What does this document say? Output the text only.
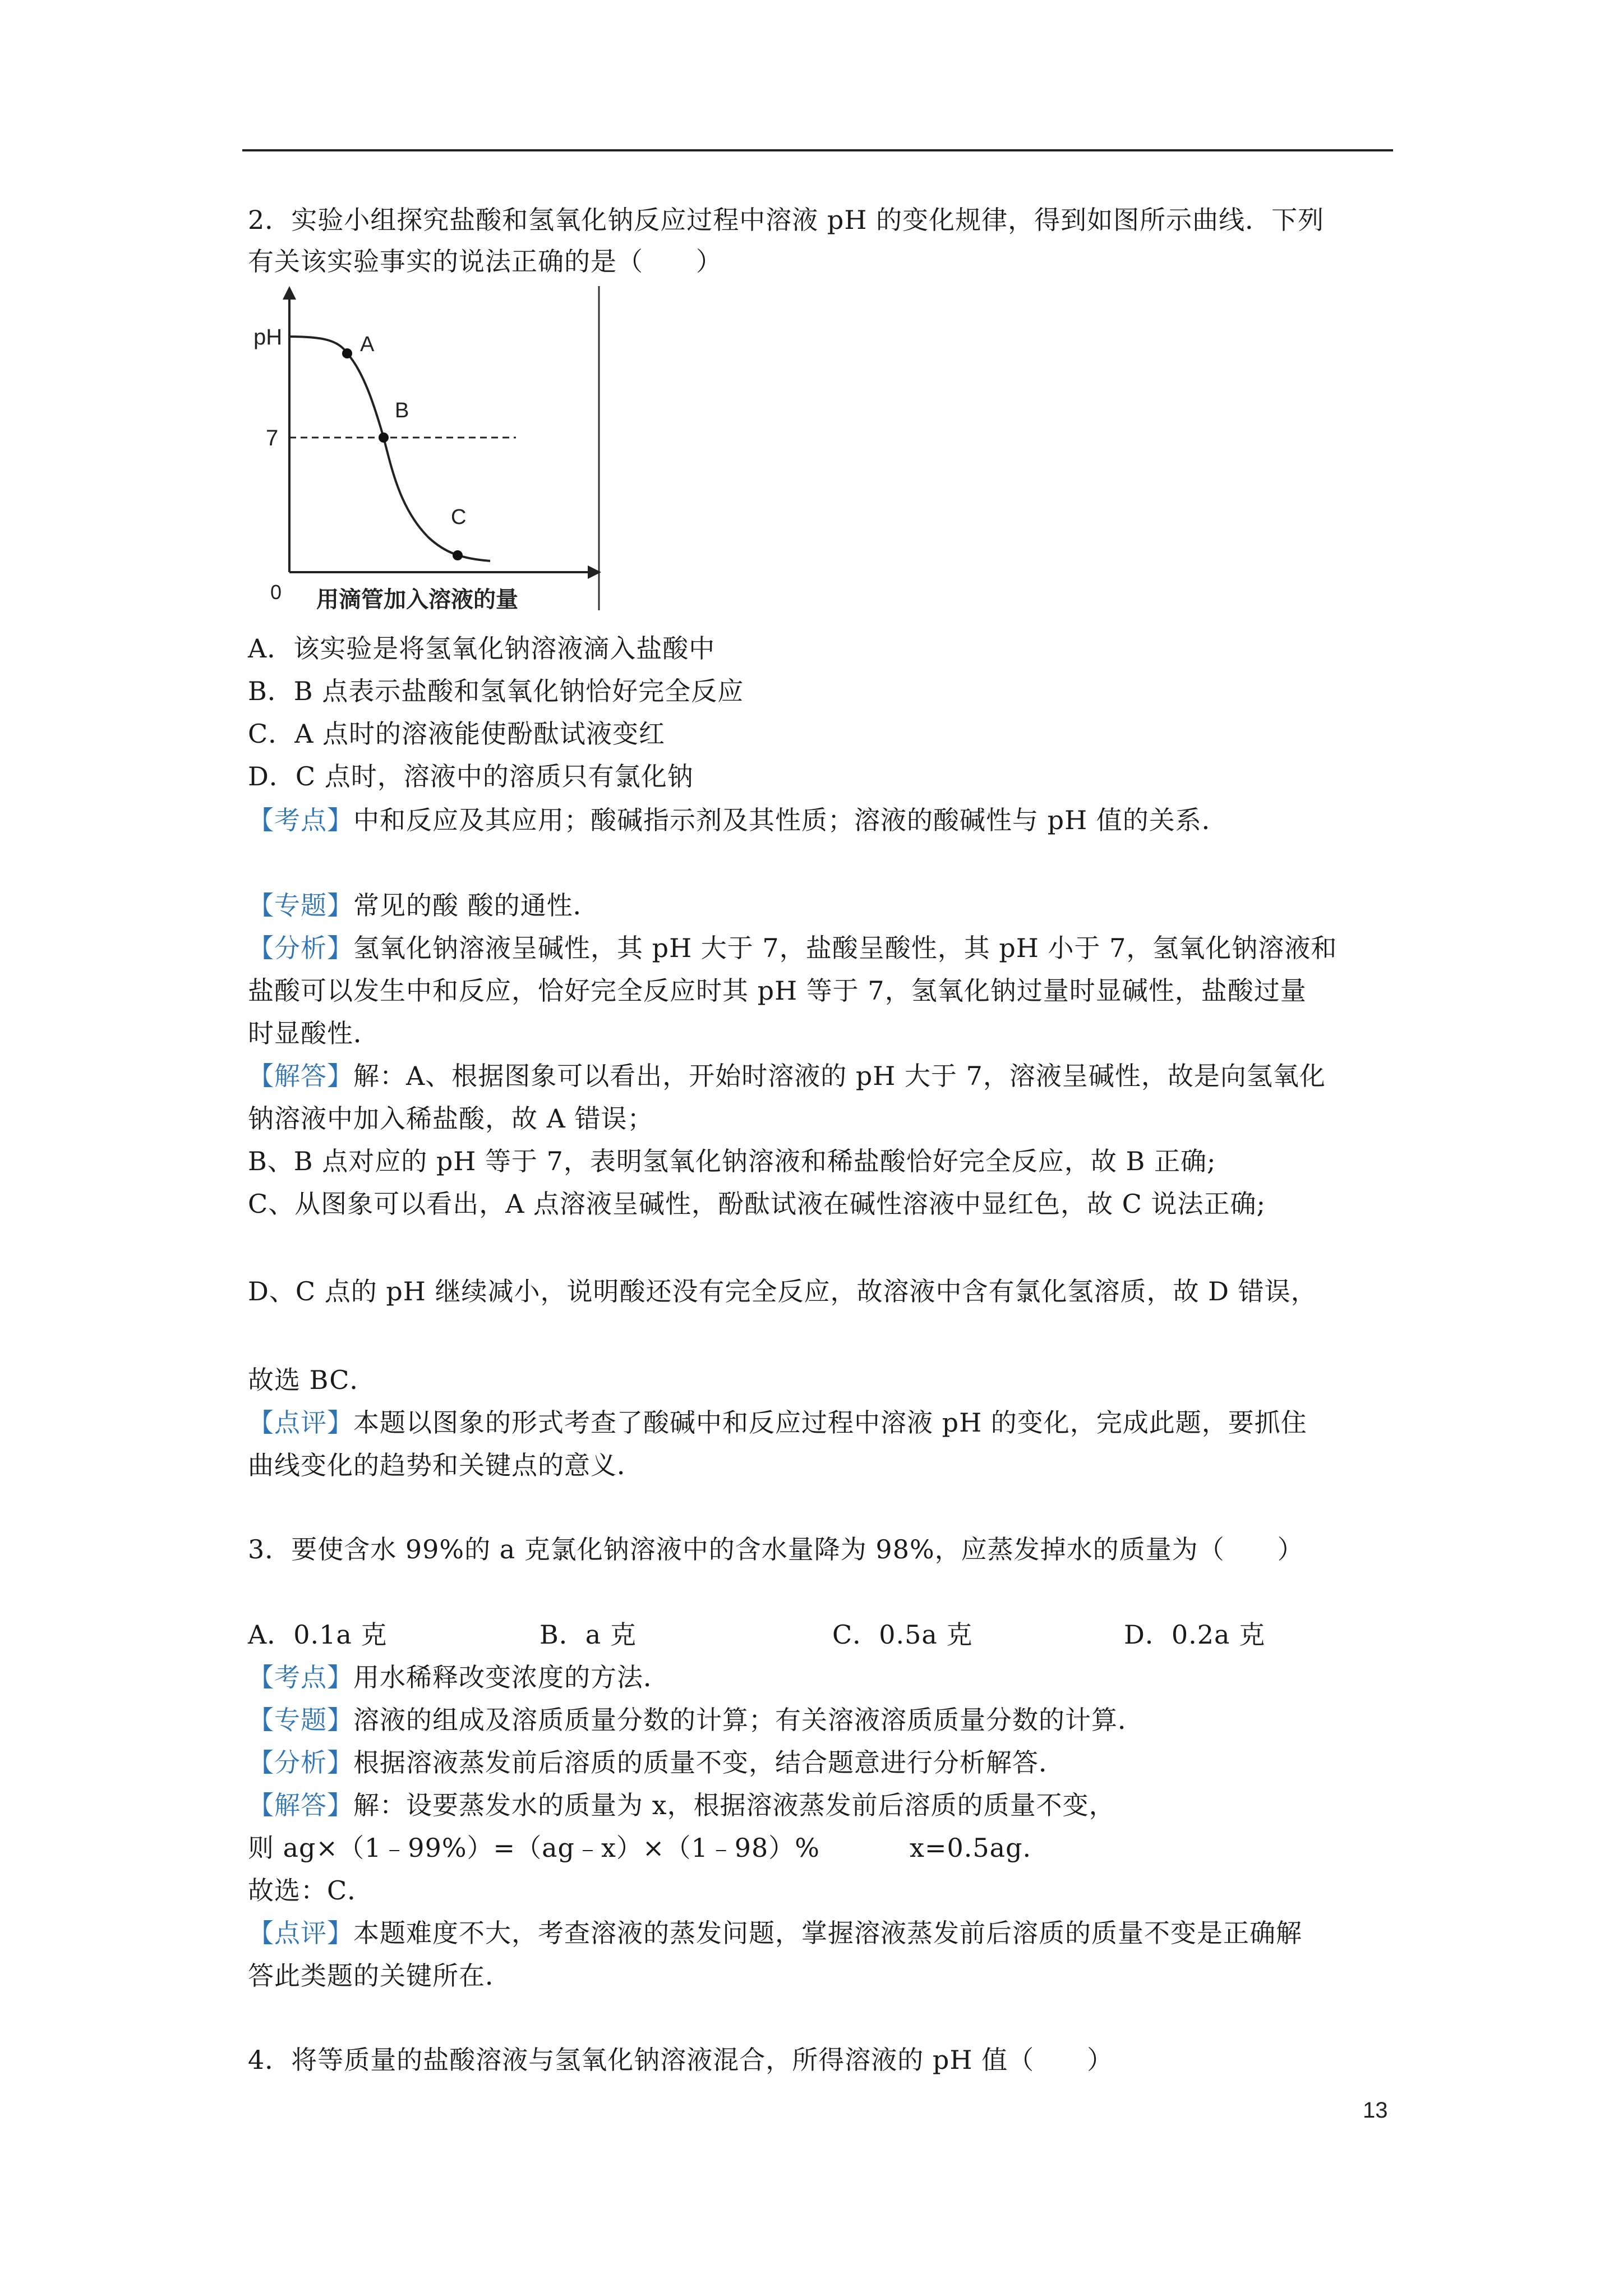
2．实验小组探究盐酸和氢氧化钠反应过程中溶液 pH 的变化规律，得到如图所示曲线．下列
有关该实验事实的说法正确的是（　　）
pH
7
0
A
B
C
用滴管加入溶液的量
A．该实验是将氢氧化钠溶液滴入盐酸中
B．B 点表示盐酸和氢氧化钠恰好完全反应
C．A 点时的溶液能使酚酞试液变红
D．C 点时，溶液中的溶质只有氯化钠
【考点】中和反应及其应用；酸碱指示剂及其性质；溶液的酸碱性与 pH 值的关系．
【专题】常见的酸 酸的通性．
【分析】氢氧化钠溶液呈碱性，其 pH 大于 7，盐酸呈酸性，其 pH 小于 7，氢氧化钠溶液和
盐酸可以发生中和反应，恰好完全反应时其 pH 等于 7，氢氧化钠过量时显碱性，盐酸过量
时显酸性．
【解答】解：A、根据图象可以看出，开始时溶液的 pH 大于 7，溶液呈碱性，故是向氢氧化
钠溶液中加入稀盐酸，故 A 错误；
B、B 点对应的 pH 等于 7，表明氢氧化钠溶液和稀盐酸恰好完全反应，故 B 正确;
C、从图象可以看出，A 点溶液呈碱性，酚酞试液在碱性溶液中显红色，故 C 说法正确;
D、C 点的 pH 继续减小，说明酸还没有完全反应，故溶液中含有氯化氢溶质，故 D 错误，
故选 BC．
【点评】本题以图象的形式考查了酸碱中和反应过程中溶液 pH 的变化，完成此题，要抓住
曲线变化的趋势和关键点的意义．
3．要使含水 99%的 a 克氯化钠溶液中的含水量降为 98%，应蒸发掉水的质量为（　　）
A．0.1a 克	B．a 克	C．0.5a 克	D．0.2a 克
【考点】用水稀释改变浓度的方法．
【专题】溶液的组成及溶质质量分数的计算；有关溶液溶质质量分数的计算．
【分析】根据溶液蒸发前后溶质的质量不变，结合题意进行分析解答．
【解答】解：设要蒸发水的质量为 x，根据溶液蒸发前后溶质的质量不变，
则 ag×（1﹣99%）=（ag﹣x）×（1﹣98）%	x=0.5ag.
故选：C．
【点评】本题难度不大，考查溶液的蒸发问题，掌握溶液蒸发前后溶质的质量不变是正确解
答此类题的关键所在．
4．将等质量的盐酸溶液与氢氧化钠溶液混合，所得溶液的 pH 值（　　）
13
